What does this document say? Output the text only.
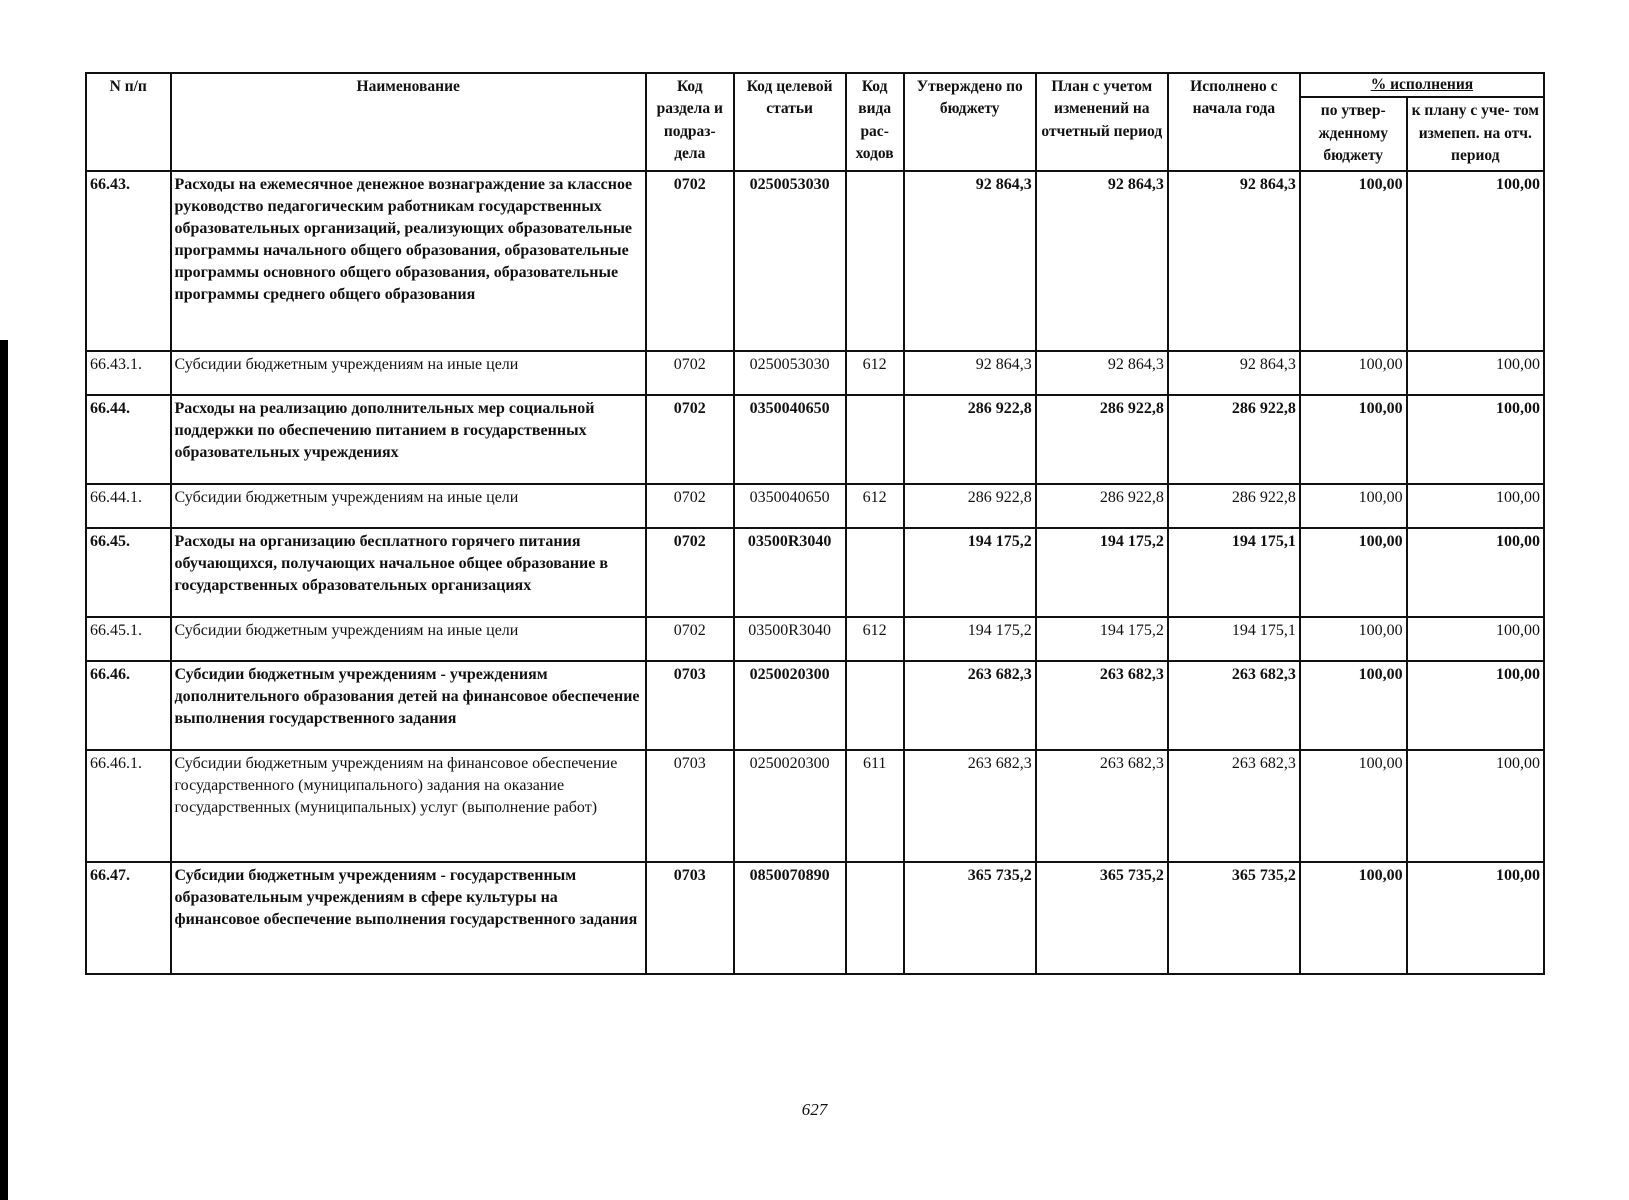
N п/п	Наименование	Код раздела и подраз- дела	Код целевой статьи	Код вида рас- ходов	Утверждено по бюджету	План с учетом изменений на отчетный период	Исполнено с начала года	% исполнения	
								по утвер- жденному бюджету	к плану с уче- том измепеп. на отч. период
66.43.	Расходы на ежемесячное денежное вознаграждение за классное руководство педагогическим работникам государственных образовательных организаций, реализующих образовательные программы начального общего образования, образовательные программы основного общего образования, образовательные программы среднего общего образования	0702	0250053030		92 864,3	92 864,3	92 864,3	100,00	100,00
66.43.1.	Субсидии бюджетным учреждениям на иные цели	0702	0250053030	612	92 864,3	92 864,3	92 864,3	100,00	100,00
66.44.	Расходы на реализацию дополнительных мер социальной поддержки по обеспечению питанием в государственных образовательных учреждениях	0702	0350040650		286 922,8	286 922,8	286 922,8	100,00	100,00
66.44.1.	Субсидии бюджетным учреждениям на иные цели	0702	0350040650	612	286 922,8	286 922,8	286 922,8	100,00	100,00
66.45.	Расходы на организацию бесплатного горячего питания обучающихся, получающих начальное общее образование в государственных образовательных организациях	0702	03500R3040		194 175,2	194 175,2	194 175,1	100,00	100,00
66.45.1.	Субсидии бюджетным учреждениям на иные цели	0702	03500R3040	612	194 175,2	194 175,2	194 175,1	100,00	100,00
66.46.	Субсидии бюджетным учреждениям - учреждениям дополнительного образования детей на финансовое обеспечение выполнения государственного задания	0703	0250020300		263 682,3	263 682,3	263 682,3	100,00	100,00
66.46.1.	Субсидии бюджетным учреждениям на финансовое обеспечение государственного (муниципального) задания на оказание государственных (муниципальных) услуг (выполнение работ)	0703	0250020300	611	263 682,3	263 682,3	263 682,3	100,00	100,00
66.47.	Субсидии бюджетным учреждениям - государственным образовательным учреждениям в сфере культуры на финансовое обеспечение выполнения государственного задания	0703	0850070890		365 735,2	365 735,2	365 735,2	100,00	100,00
627
